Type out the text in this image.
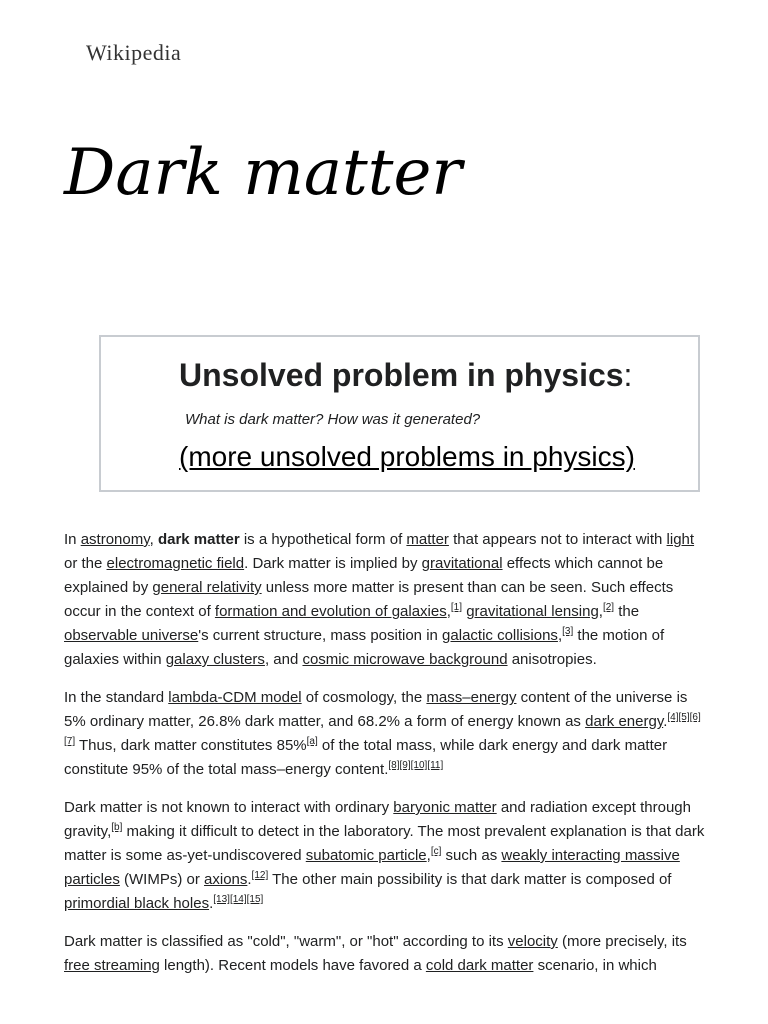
Wikipedia
Dark matter
Unsolved problem in physics:
What is dark matter? How was it generated?
(more unsolved problems in physics)

In astronomy, dark matter is a hypothetical form of matter that appears not to interact with light or the electromagnetic field. Dark matter is implied by gravitational effects which cannot be explained by general relativity unless more matter is present than can be seen. Such effects occur in the context of formation and evolution of galaxies,[1] gravitational lensing,[2] the observable universe's current structure, mass position in galactic collisions,[3] the motion of galaxies within galaxy clusters, and cosmic microwave background anisotropies.

In the standard lambda-CDM model of cosmology, the mass–energy content of the universe is 5% ordinary matter, 26.8% dark matter, and 68.2% a form of energy known as dark energy.[4][5][6][7] Thus, dark matter constitutes 85%[a] of the total mass, while dark energy and dark matter constitute 95% of the total mass–energy content.[8][9][10][11]

Dark matter is not known to interact with ordinary baryonic matter and radiation except through gravity,[b] making it difficult to detect in the laboratory. The most prevalent explanation is that dark matter is some as-yet-undiscovered subatomic particle,[c] such as weakly interacting massive particles (WIMPs) or axions.[12] The other main possibility is that dark matter is composed of primordial black holes.[13][14][15]

Dark matter is classified as "cold", "warm", or "hot" according to its velocity (more precisely, its free streaming length). Recent models have favored a cold dark matter scenario, in which
